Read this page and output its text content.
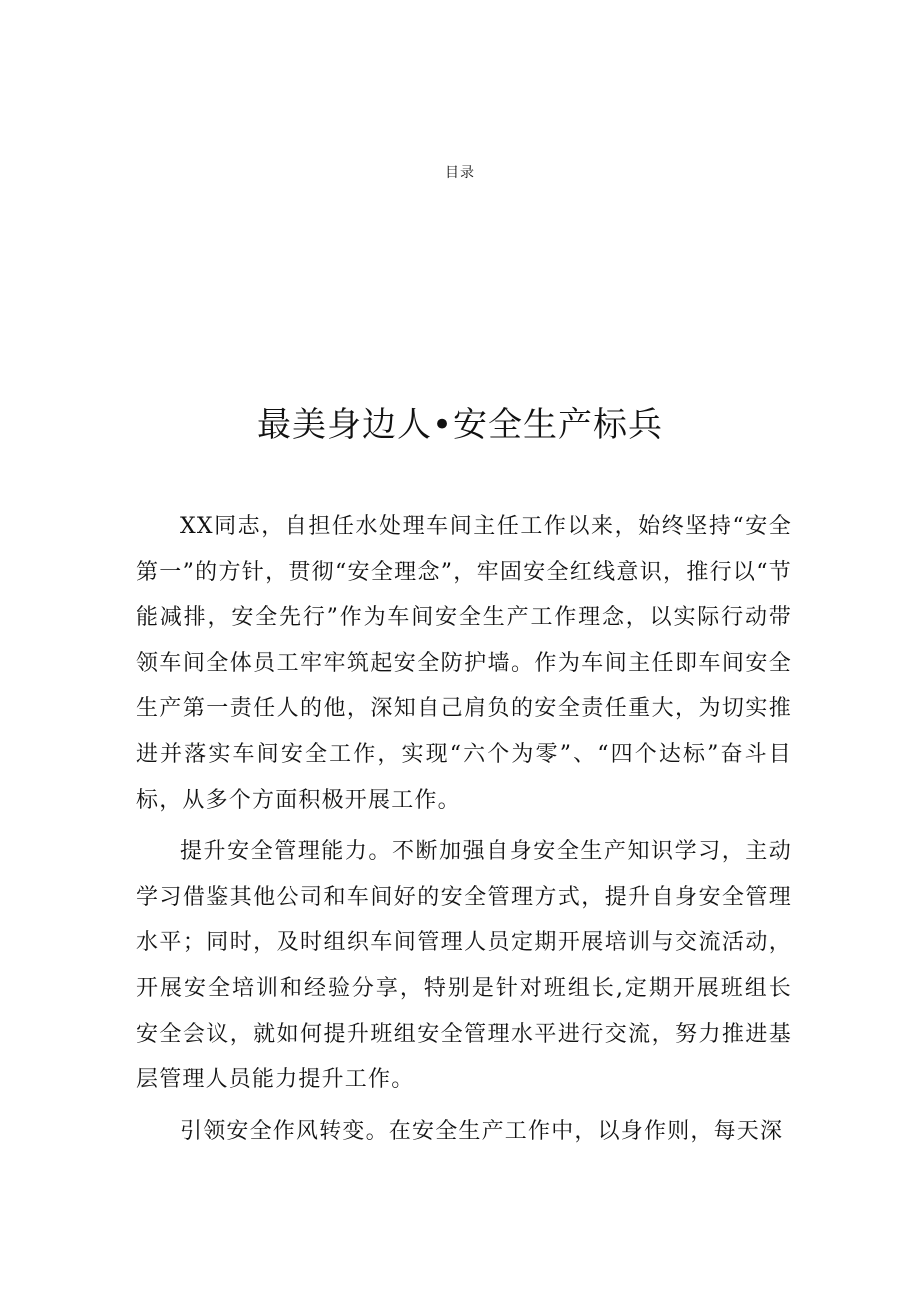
目录
最美身边人•安全生产标兵

XX同志，自担任水处理车间主任工作以来，始终坚持“安全第一”的方针，贯彻“安全理念”，牢固安全红线意识，推行以“节能减排，安全先行”作为车间安全生产工作理念，以实际行动带领车间全体员工牢牢筑起安全防护墙。作为车间主任即车间安全生产第一责任人的他，深知自己肩负的安全责任重大，为切实推进并落实车间安全工作，实现“六个为零”、“四个达标”奋斗目标，从多个方面积极开展工作。

提升安全管理能力。不断加强自身安全生产知识学习，主动学习借鉴其他公司和车间好的安全管理方式，提升自身安全管理水平；同时，及时组织车间管理人员定期开展培训与交流活动，开展安全培训和经验分享，特别是针对班组长,定期开展班组长安全会议，就如何提升班组安全管理水平进行交流，努力推进基层管理人员能力提升工作。

引领安全作风转变。在安全生产工作中，以身作则，每天深
